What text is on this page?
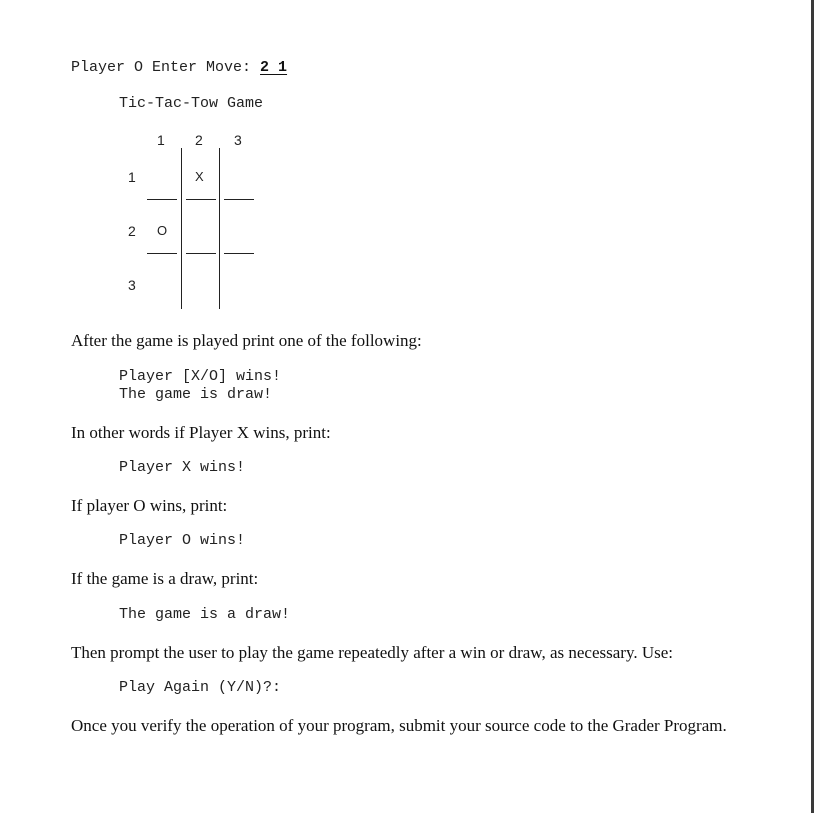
Player O Enter Move: 2 1
Tic-Tac-Tow Game
1 2 3
1
2
3
X
O
After the game is played print one of the following:
Player [X/O] wins!
The game is draw!
In other words if Player X wins, print:
Player X wins!
If player O wins, print:
Player O wins!
If the game is a draw, print:
The game is a draw!
Then prompt the user to play the game repeatedly after a win or draw, as necessary. Use:
Play Again (Y/N)?:
Once you verify the operation of your program, submit your source code to the Grader Program.
